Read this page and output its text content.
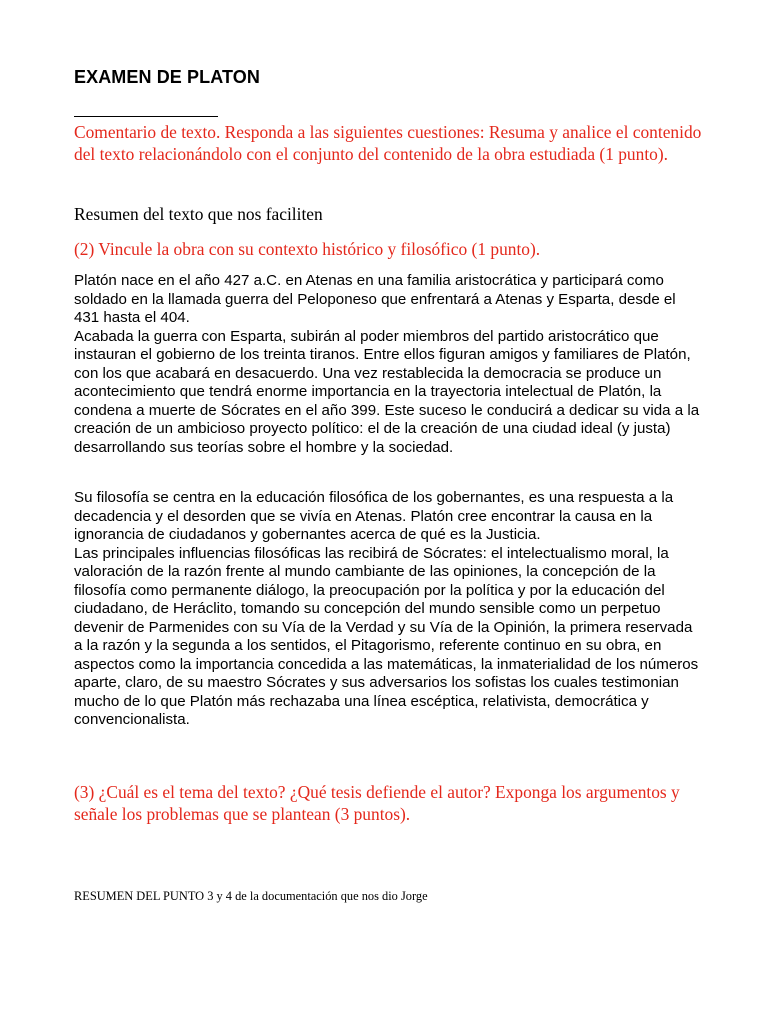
EXAMEN DE PLATON

Comentario de texto. Responda a las siguientes cuestiones: Resuma y analice el contenido del texto relacionándolo con el conjunto del contenido de la obra estudiada (1 punto).

Resumen del texto que nos faciliten

(2) Vincule la obra con su contexto histórico y filosófico (1 punto).

Platón nace en el año 427 a.C. en Atenas en una familia aristocrática y participará como soldado en la llamada guerra del Peloponeso que enfrentará a Atenas y Esparta, desde el 431 hasta el 404.

Acabada la guerra con Esparta, subirán al poder miembros del partido aristocrático que instauran el gobierno de los treinta tiranos. Entre ellos figuran amigos y familiares de Platón, con los que acabará en desacuerdo. Una vez restablecida la democracia se produce un acontecimiento que tendrá enorme importancia en la trayectoria intelectual de Platón, la condena a muerte de Sócrates en el año 399. Este suceso le conducirá a dedicar su vida a la creación de un ambicioso proyecto político: el de la creación de una ciudad ideal (y justa) desarrollando sus teorías sobre el hombre y la sociedad.

Su filosofía se centra en la educación filosófica de los gobernantes, es una respuesta a la decadencia y el desorden que se vivía en Atenas. Platón cree encontrar la causa en la ignorancia de ciudadanos y gobernantes acerca de qué es la Justicia.

Las principales influencias filosóficas las recibirá de Sócrates: el intelectualismo moral, la valoración de la razón frente al mundo cambiante de las opiniones, la concepción de la filosofía como permanente diálogo, la preocupación por la política y por la educación del ciudadano, de Heráclito, tomando su concepción del mundo sensible como un perpetuo devenir de Parmenides con su Vía de la Verdad y su Vía de la Opinión, la primera reservada a la razón y la segunda a los sentidos, el Pitagorismo, referente continuo en su obra, en aspectos como la importancia concedida a las matemáticas, la inmaterialidad de los números aparte, claro, de su maestro Sócrates y sus adversarios los sofistas los cuales testimonian mucho de lo que Platón más rechazaba una línea escéptica, relativista, democrática y convencionalista.

(3) ¿Cuál es el tema del texto? ¿Qué tesis defiende el autor? Exponga los argumentos y señale los problemas que se plantean (3 puntos).

RESUMEN DEL PUNTO 3 y 4 de la documentación que nos dio Jorge
